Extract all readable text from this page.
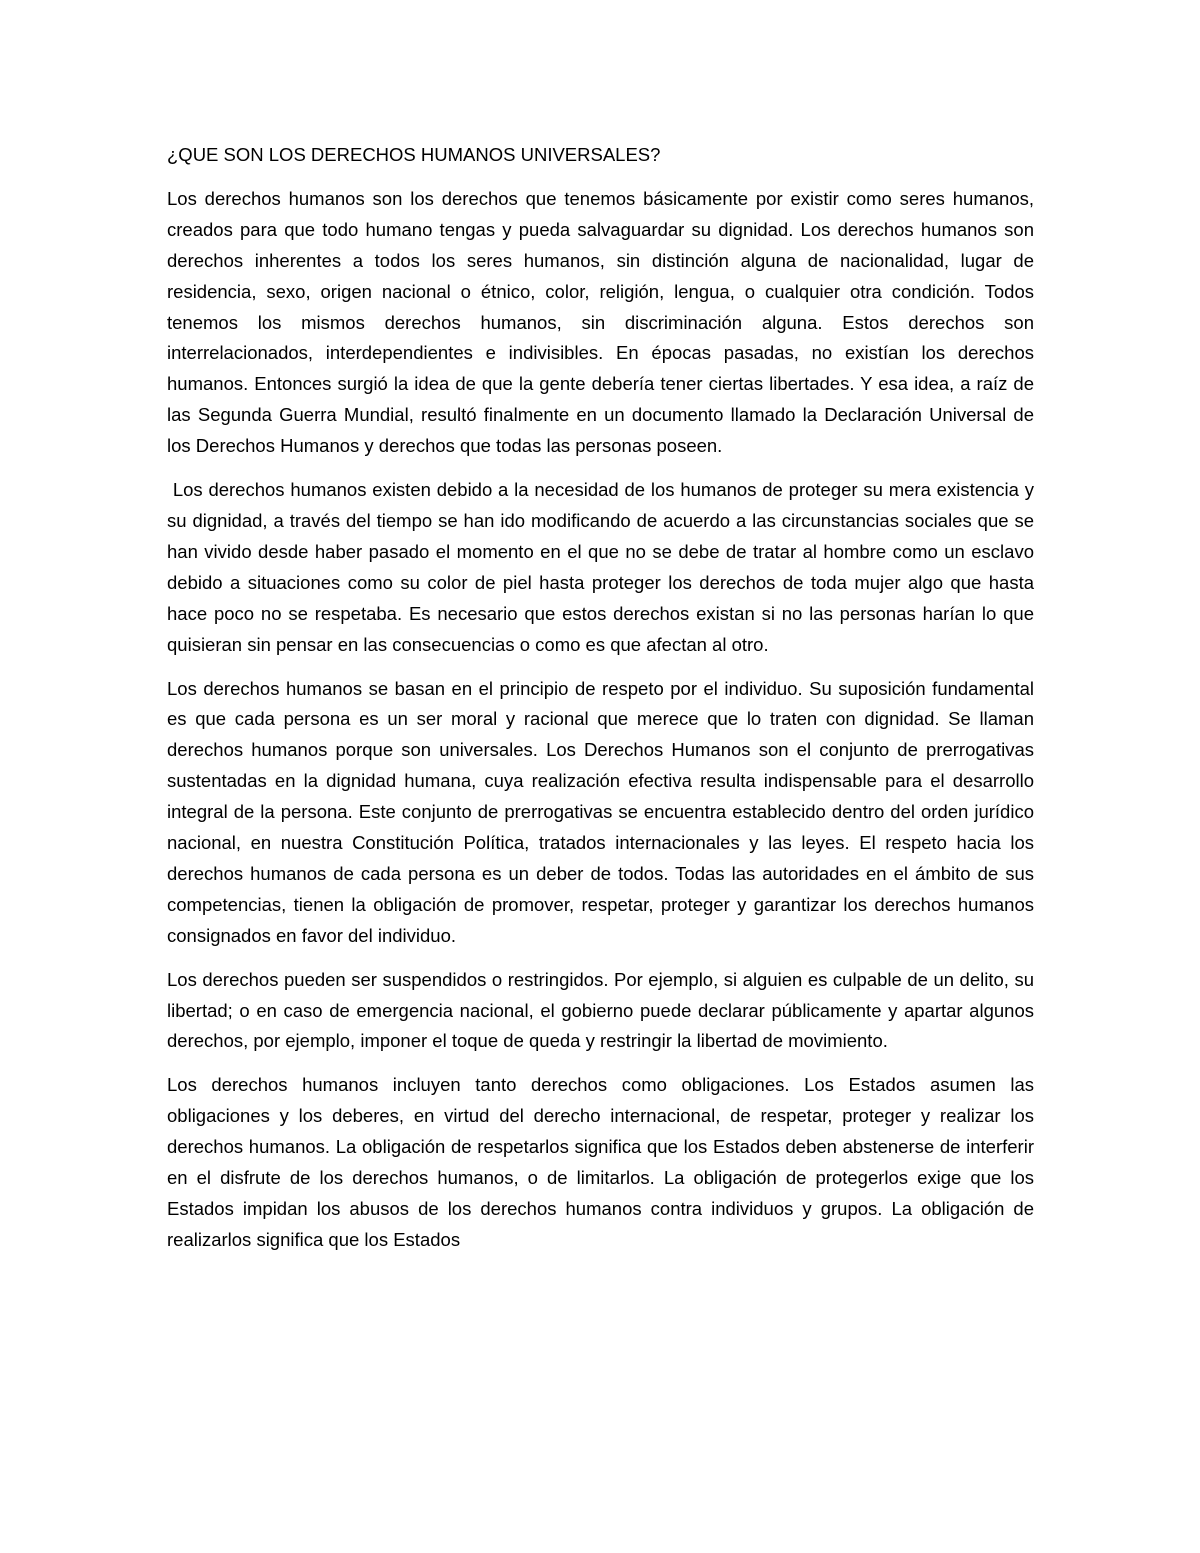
¿QUE SON LOS DERECHOS HUMANOS UNIVERSALES?

Los derechos humanos son los derechos que tenemos básicamente por existir como seres humanos, creados para que todo humano tengas y pueda salvaguardar su dignidad. Los derechos humanos son derechos inherentes a todos los seres humanos, sin distinción alguna de nacionalidad, lugar de residencia, sexo, origen nacional o étnico, color, religión, lengua, o cualquier otra condición. Todos tenemos los mismos derechos humanos, sin discriminación alguna. Estos derechos son interrelacionados, interdependientes e indivisibles. En épocas pasadas, no existían los derechos humanos. Entonces surgió la idea de que la gente debería tener ciertas libertades. Y esa idea, a raíz de las Segunda Guerra Mundial, resultó finalmente en un documento llamado la Declaración Universal de los Derechos Humanos y derechos que todas las personas poseen.

Los derechos humanos existen debido a la necesidad de los humanos de proteger su mera existencia y su dignidad, a través del tiempo se han ido modificando de acuerdo a las circunstancias sociales que se han vivido desde haber pasado el momento en el que no se debe de tratar al hombre como un esclavo debido a situaciones como su color de piel hasta proteger los derechos de toda mujer algo que hasta hace poco no se respetaba. Es necesario que estos derechos existan si no las personas harían lo que quisieran sin pensar en las consecuencias o como es que afectan al otro.

Los derechos humanos se basan en el principio de respeto por el individuo. Su suposición fundamental es que cada persona es un ser moral y racional que merece que lo traten con dignidad. Se llaman derechos humanos porque son universales. Los Derechos Humanos son el conjunto de prerrogativas sustentadas en la dignidad humana, cuya realización efectiva resulta indispensable para el desarrollo integral de la persona. Este conjunto de prerrogativas se encuentra establecido dentro del orden jurídico nacional, en nuestra Constitución Política, tratados internacionales y las leyes. El respeto hacia los derechos humanos de cada persona es un deber de todos. Todas las autoridades en el ámbito de sus competencias, tienen la obligación de promover, respetar, proteger y garantizar los derechos humanos consignados en favor del individuo.

Los derechos pueden ser suspendidos o restringidos. Por ejemplo, si alguien es culpable de un delito, su libertad; o en caso de emergencia nacional, el gobierno puede declarar públicamente y apartar algunos derechos, por ejemplo, imponer el toque de queda y restringir la libertad de movimiento.

Los derechos humanos incluyen tanto derechos como obligaciones. Los Estados asumen las obligaciones y los deberes, en virtud del derecho internacional, de respetar, proteger y realizar los derechos humanos. La obligación de respetarlos significa que los Estados deben abstenerse de interferir en el disfrute de los derechos humanos, o de limitarlos. La obligación de protegerlos exige que los Estados impidan los abusos de los derechos humanos contra individuos y grupos. La obligación de realizarlos significa que los Estados
